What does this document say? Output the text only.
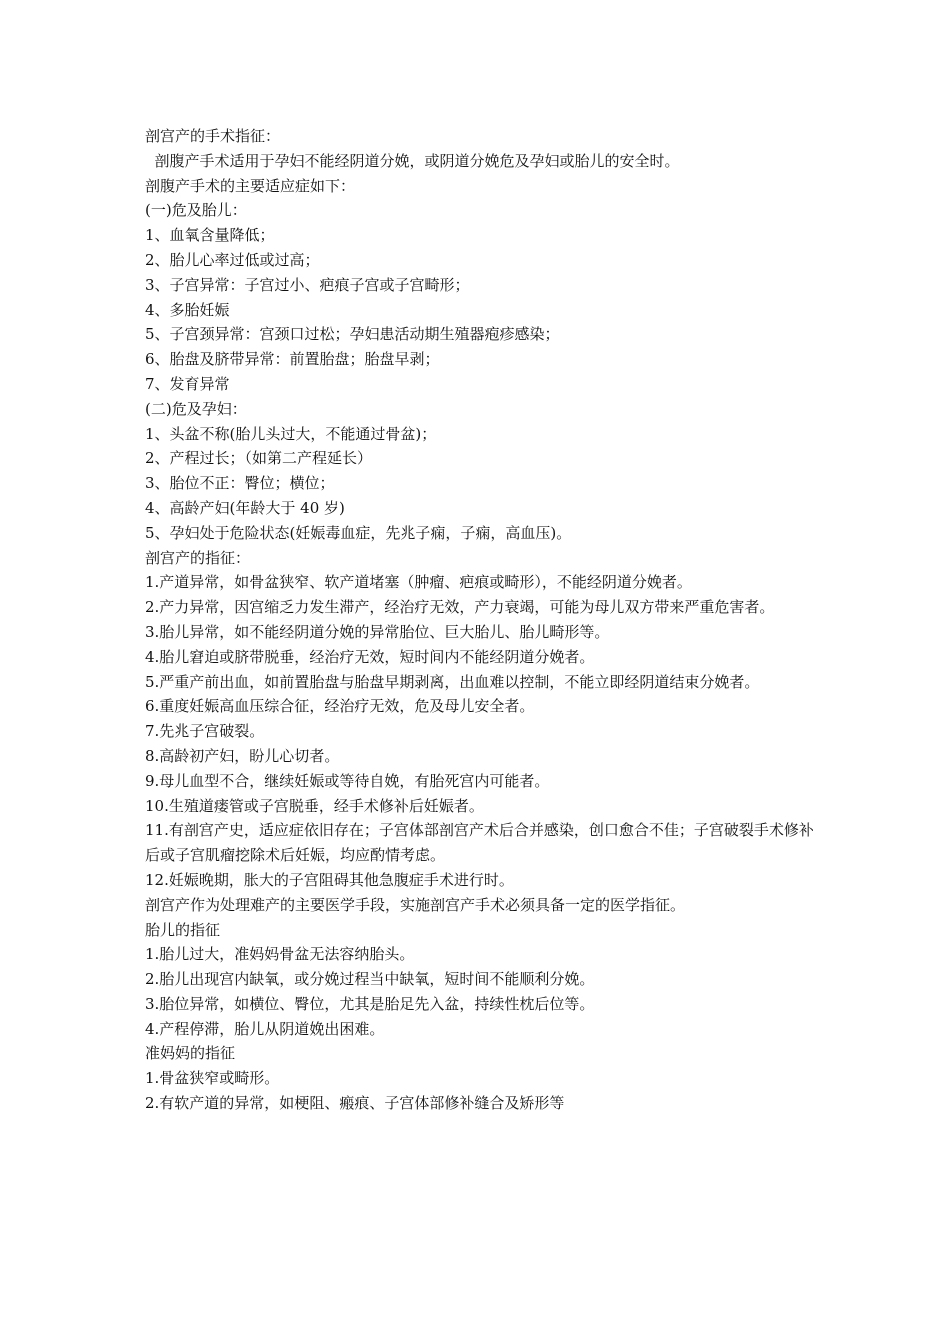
剖宫产的手术指征：
剖腹产手术适用于孕妇不能经阴道分娩，或阴道分娩危及孕妇或胎儿的安全时。
剖腹产手术的主要适应症如下：
(一)危及胎儿：
1、血氧含量降低；
2、胎儿心率过低或过高；
3、子宫异常：子宫过小、疤痕子宫或子宫畸形；
4、多胎妊娠
5、子宫颈异常：宫颈口过松；孕妇患活动期生殖器疱疹感染；
6、胎盘及脐带异常：前置胎盘；胎盘早剥；
7、发育异常
(二)危及孕妇：
1、头盆不称(胎儿头过大，不能通过骨盆)；
2、产程过长；（如第二产程延长）
3、胎位不正：臀位；横位；
4、高龄产妇(年龄大于 40 岁)
5、孕妇处于危险状态(妊娠毒血症，先兆子痫，子痫，高血压)。
剖宫产的指征：
1.产道异常，如骨盆狭窄、软产道堵塞（肿瘤、疤痕或畸形），不能经阴道分娩者。
2.产力异常，因宫缩乏力发生滞产，经治疗无效，产力衰竭，可能为母儿双方带来严重危害者。
3.胎儿异常，如不能经阴道分娩的异常胎位、巨大胎儿、胎儿畸形等。
4.胎儿窘迫或脐带脱垂，经治疗无效，短时间内不能经阴道分娩者。
5.严重产前出血，如前置胎盘与胎盘早期剥离，出血难以控制，不能立即经阴道结束分娩者。
6.重度妊娠高血压综合征，经治疗无效，危及母儿安全者。
7.先兆子宫破裂。
8.高龄初产妇，盼儿心切者。
9.母儿血型不合，继续妊娠或等待自娩，有胎死宫内可能者。
10.生殖道瘘管或子宫脱垂，经手术修补后妊娠者。
11.有剖宫产史，适应症依旧存在；子宫体部剖宫产术后合并感染，创口愈合不佳；子宫破裂手术修补后或子宫肌瘤挖除术后妊娠，均应酌情考虑。
12.妊娠晚期，胀大的子宫阻碍其他急腹症手术进行时。
剖宫产作为处理难产的主要医学手段，实施剖宫产手术必须具备一定的医学指征。
胎儿的指征
1.胎儿过大，准妈妈骨盆无法容纳胎头。
2.胎儿出现宫内缺氧，或分娩过程当中缺氧，短时间不能顺利分娩。
3.胎位异常，如横位、臀位，尤其是胎足先入盆，持续性枕后位等。
4.产程停滞，胎儿从阴道娩出困难。
准妈妈的指征
1.骨盆狭窄或畸形。
2.有软产道的异常，如梗阻、瘢痕、子宫体部修补缝合及矫形等
